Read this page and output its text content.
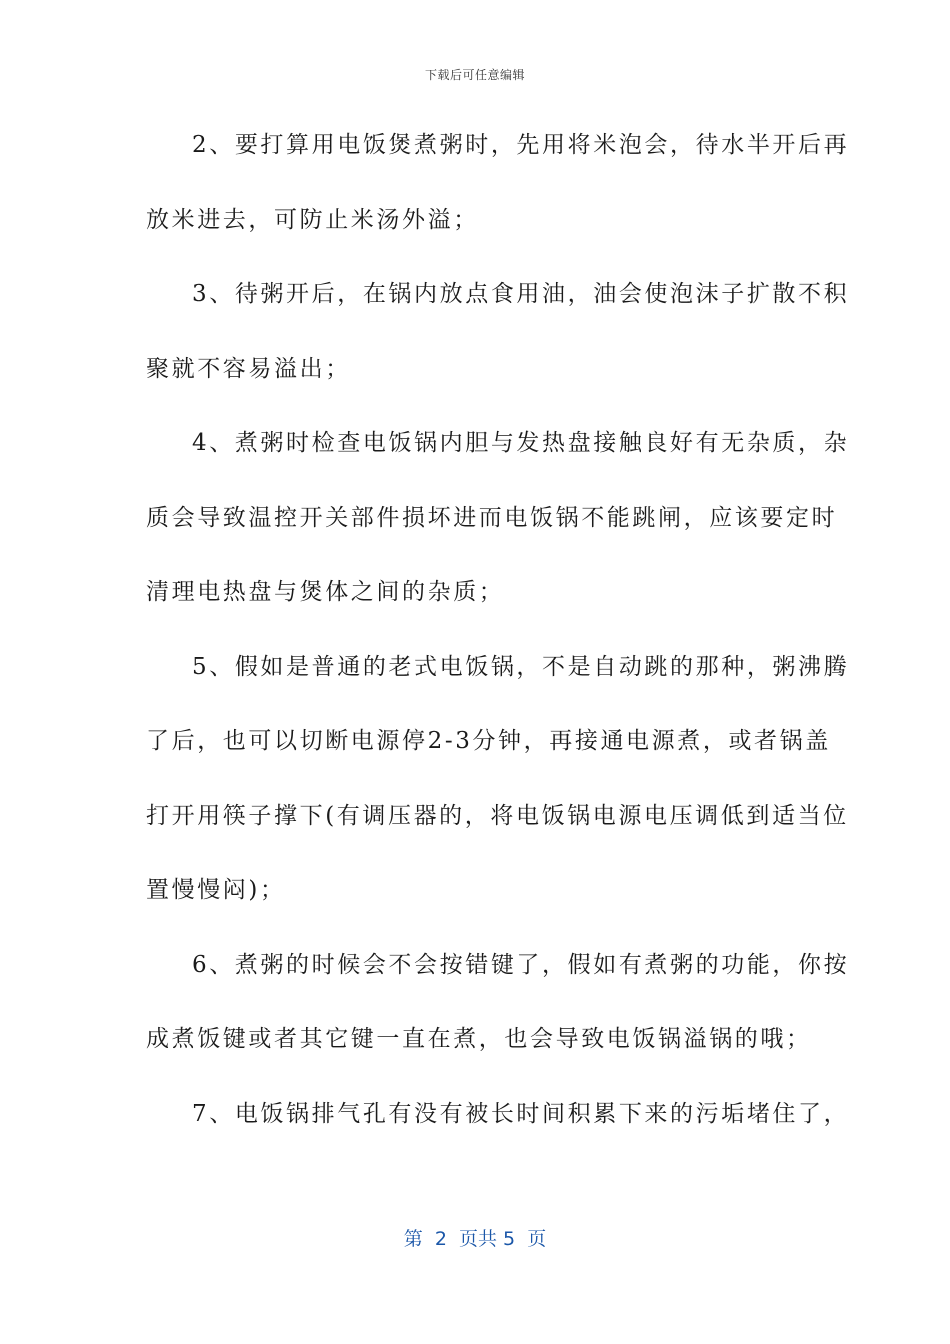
下载后可任意编辑
2、要打算用电饭煲煮粥时，先用将米泡会，待水半开后再
放米进去，可防止米汤外溢；
3、待粥开后，在锅内放点食用油，油会使泡沫子扩散不积
聚就不容易溢出；
4、煮粥时检查电饭锅内胆与发热盘接触良好有无杂质，杂
质会导致温控开关部件损坏进而电饭锅不能跳闸，应该要定时
清理电热盘与煲体之间的杂质；
5、假如是普通的老式电饭锅，不是自动跳的那种，粥沸腾
了后，也可以切断电源停2-3分钟，再接通电源煮，或者锅盖
打开用筷子撑下(有调压器的，将电饭锅电源电压调低到适当位
置慢慢闷)；
6、煮粥的时候会不会按错键了，假如有煮粥的功能，你按
成煮饭键或者其它键一直在煮，也会导致电饭锅溢锅的哦；
7、电饭锅排气孔有没有被长时间积累下来的污垢堵住了，
第  2  页共 5  页
